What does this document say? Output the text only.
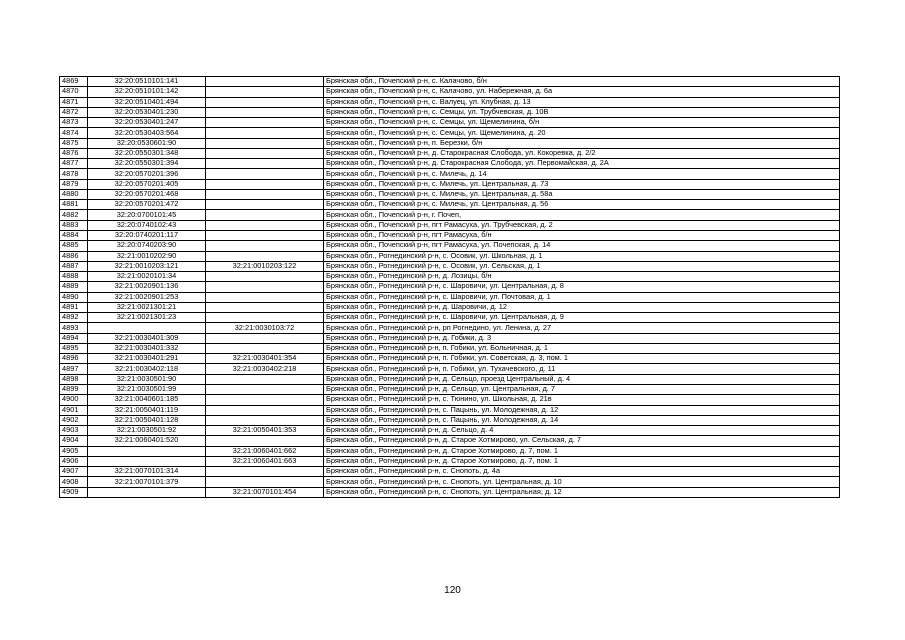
4869	32:20:0510101:141		Брянская обл., Почепский р-н, с. Калачово, б/н
4870	32:20:0510101:142		Брянская обл., Почепский р-н, с. Калачово, ул. Набережная, д. 6а
4871	32:20:0510401:494		Брянская обл., Почепский р-н, с. Валуец, ул. Клубная, д. 13
4872	32:20:0530401:230		Брянская обл., Почепский р-н, с. Семцы, ул. Трубчевская, д. 10В
4873	32:20:0530401:247		Брянская обл., Почепский р-н, с. Семцы, ул. Щемелинина, б/н
4874	32:20:0530403:564		Брянская обл., Почепский р-н, с. Семцы, ул. Щемелинина, д. 20
4875	32:20:0530601:90		Брянская обл., Почепский р-н, п. Березки, б/н
4876	32:20:0550301:348		Брянская обл., Почепский р-н, д. Старокрасная Слобода, ул. Кокоревка, д. 2/2
4877	32:20:0550301:394		Брянская обл., Почепский р-н, д. Старокрасная Слобода, ул. Первомайская, д. 2А
4878	32:20:0570201:396		Брянская обл., Почепский р-н, с. Милечь, д. 14
4879	32:20:0570201:405		Брянская обл., Почепский р-н, с. Милечь, ул. Центральная, д. 73
4880	32:20:0570201:468		Брянская обл., Почепский р-н, с. Милечь, ул. Центральная, д. 58а
4881	32:20:0570201:472		Брянская обл., Почепский р-н, с. Милечь, ул. Центральная, д. 56
4882	32:20:0700101:45		Брянская обл., Почепский р-н, г. Почеп,
4883	32:20:0740102:43		Брянская обл., Почепский р-н, пгт Рамасуха, ул. Трубчевская, д. 2
4884	32:20:0740201:117		Брянская обл., Почепский р-н, пгт Рамасуха, б/н
4885	32:20:0740203:90		Брянская обл., Почепский р-н, пгт Рамасуха, ул. Почепская, д. 14
4886	32:21:0010202:90		Брянская обл., Рогнединский р-н, с. Осовик, ул. Школьная, д. 1
4887	32:21:0010203:121	32:21:0010203:122	Брянская обл., Рогнединский р-н, с. Осовик, ул. Сельская, д. 1
4888	32:21:0020101:34		Брянская обл., Рогнединский р-н, д. Лозицы, б/н
4889	32:21:0020901:136		Брянская обл., Рогнединский р-н, с. Шаровичи, ул. Центральная, д. 8
4890	32:21:0020901:253		Брянская обл., Рогнединский р-н, с. Шаровичи, ул. Почтовая, д. 1
4891	32:21:0021301:21		Брянская обл., Рогнединский р-н, д. Шаровичи, д. 12
4892	32:21:0021301:23		Брянская обл., Рогнединский р-н, с. Шаровичи, ул. Центральная, д. 9
4893		32:21:0030103:72	Брянская обл., Рогнединский р-н, рп Рогнедино, ул. Ленина, д. 27
4894	32:21:0030401:309		Брянская обл., Рогнединский р-н, д. Гобики, д. 3
4895	32:21:0030401:332		Брянская обл., Рогнединский р-н, п. Гобики, ул. Больничная, д. 1
4896	32:21:0030401:291	32:21:0030401:354	Брянская обл., Рогнединский р-н, п. Гобики, ул. Советская, д. 3, пом. 1
4897	32:21:0030402:118	32:21:0030402:218	Брянская обл., Рогнединский р-н, п. Гобики, ул. Тухачевского, д. 11
4898	32:21:0030501:90		Брянская обл., Рогнединский р-н, д. Сельцо, проезд Центральный, д. 4
4899	32:21:0030501:99		Брянская обл., Рогнединский р-н, д. Сельцо, ул. Центральная, д. 7
4900	32:21:0040601:185		Брянская обл., Рогнединский р-н, с. Тюнино, ул. Школьная, д. 21в
4901	32:21:0050401:119		Брянская обл., Рогнединский р-н, с. Пацынь, ул. Молодежная, д. 12
4902	32:21:0050401:128		Брянская обл., Рогнединский р-н, с. Пацынь, ул. Молодежная, д. 14
4903	32:21:0030501:92	32:21:0050401:353	Брянская обл., Рогнединский р-н, д. Сельцо, д. 4
4904	32:21:0060401:520		Брянская обл., Рогнединский р-н, д. Старое Хотмирово, ул. Сельская, д. 7
4905		32:21:0060401:662	Брянская обл., Рогнединский р-н, д. Старое Хотмирово, д. 7, пом. 1
4906		32:21:0060401:663	Брянская обл., Рогнединский р-н, д. Старое Хотмирово, д. 7, пом. 1
4907	32:21:0070101:314		Брянская обл., Рогнединский р-н, с. Снопоть, д. 4а
4908	32:21:0070101:379		Брянская обл., Рогнединский р-н, с. Снопоть, ул. Центральная, д. 10
4909		32:21:0070101:454	Брянская обл., Рогнединский р-н, с. Снопоть, ул. Центральная, д. 12
120
